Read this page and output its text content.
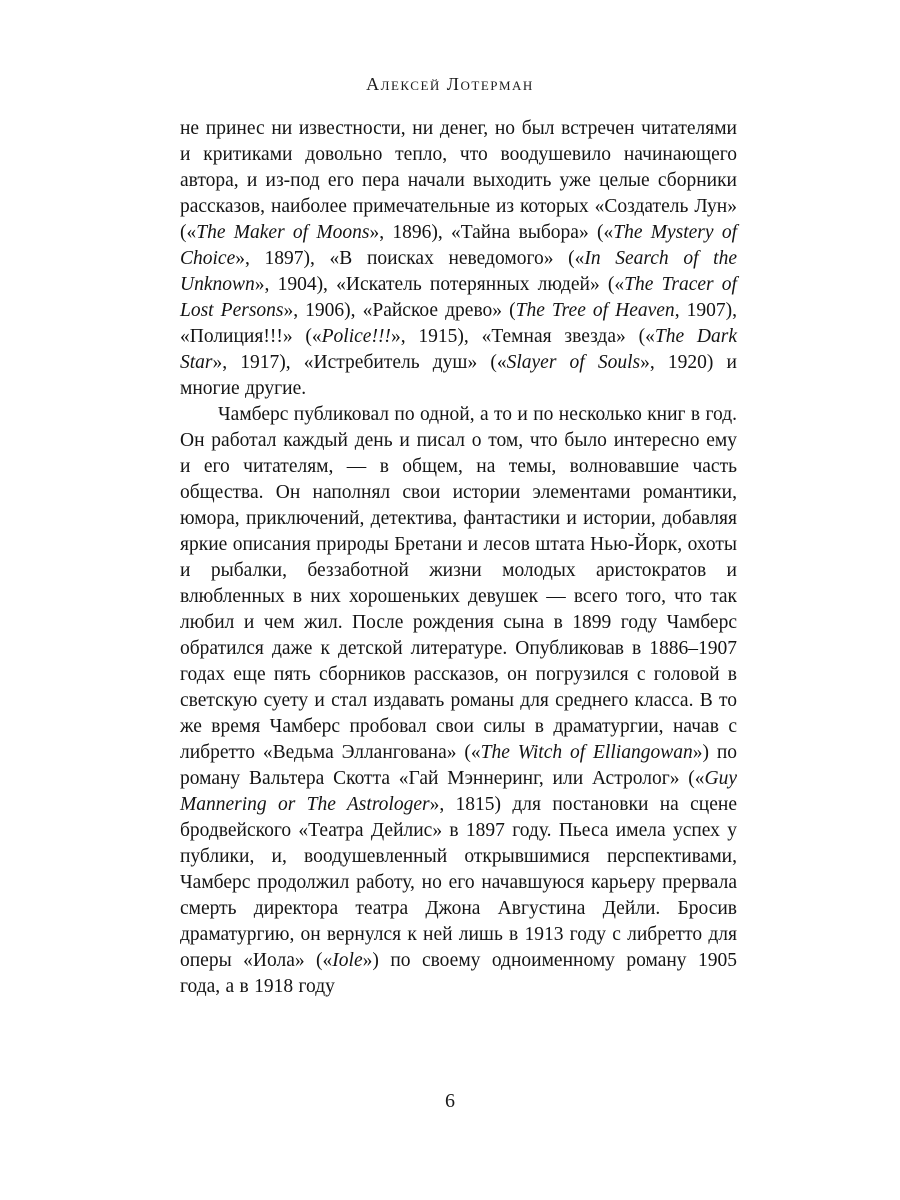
Алексей Лотерман

не принес ни известности, ни денег, но был встречен читателями и критиками довольно тепло, что воодушевило начинающего автора, и из-под его пера начали выходить уже целые сборники рассказов, наиболее примечательные из которых «Создатель Лун» («The Maker of Moons», 1896), «Тайна выбора» («The Mystery of Choice», 1897), «В поисках неведомого» («In Search of the Unknown», 1904), «Искатель потерянных людей» («The Tracer of Lost Persons», 1906), «Райское древо» (The Tree of Heaven, 1907), «Полиция!!!» («Police!!!», 1915), «Темная звезда» («The Dark Star», 1917), «Истребитель душ» («Slayer of Souls», 1920) и многие другие.

Чамберс публиковал по одной, а то и по несколько книг в год. Он работал каждый день и писал о том, что было интересно ему и его читателям, — в общем, на темы, волновавшие часть общества. Он наполнял свои истории элементами романтики, юмора, приключений, детектива, фантастики и истории, добавляя яркие описания природы Бретани и лесов штата Нью-Йорк, охоты и рыбалки, беззаботной жизни молодых аристократов и влюбленных в них хорошеньких девушек — всего того, что так любил и чем жил. После рождения сына в 1899 году Чамберс обратился даже к детской литературе. Опубликовав в 1886–1907 годах еще пять сборников рассказов, он погрузился с головой в светскую суету и стал издавать романы для среднего класса. В то же время Чамберс пробовал свои силы в драматургии, начав с либретто «Ведьма Эллангована» («The Witch of Elliangowan») по роману Вальтера Скотта «Гай Мэннеринг, или Астролог» («Guy Mannering or The Astrologer», 1815) для постановки на сцене бродвейского «Театра Дейлис» в 1897 году. Пьеса имела успех у публики, и, воодушевленный открывшимися перспективами, Чамберс продолжил работу, но его начавшуюся карьеру прервала смерть директора театра Джона Августина Дейли. Бросив драматургию, он вернулся к ней лишь в 1913 году с либретто для оперы «Иола» («Iole») по своему одноименному роману 1905 года, а в 1918 году

6
